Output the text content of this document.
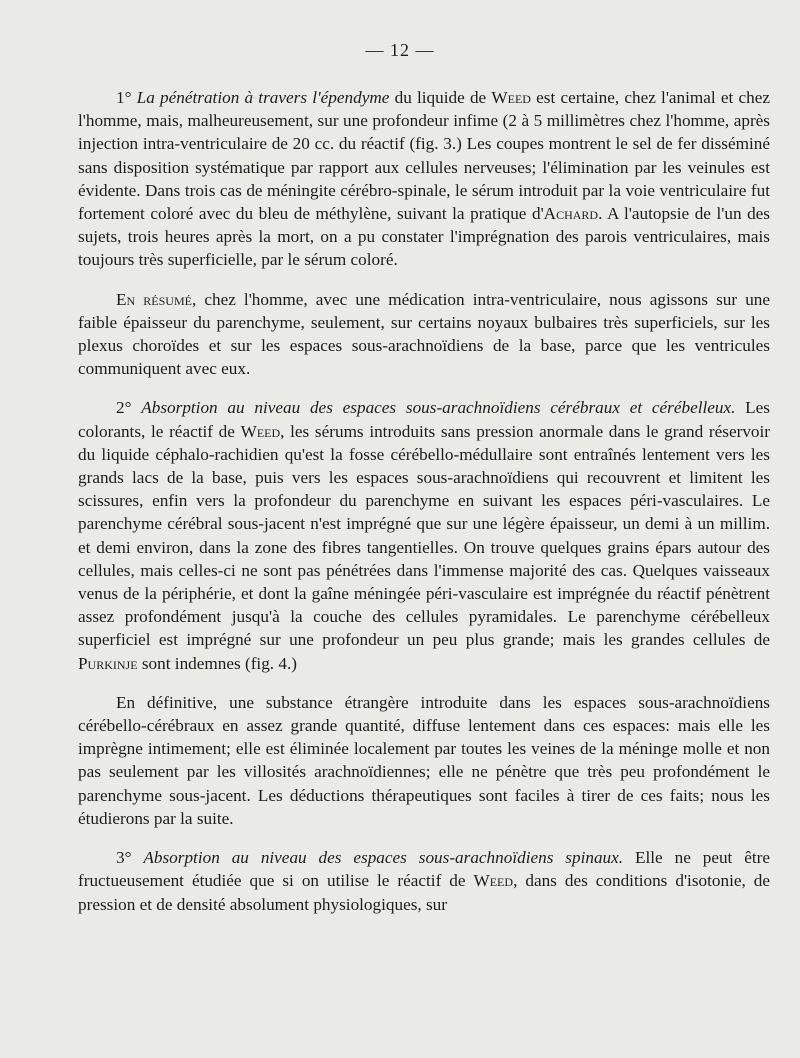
— 12 —

1° La pénétration à travers l'épendyme du liquide de Weed est certaine, chez l'animal et chez l'homme, mais, malheureusement, sur une profondeur infime (2 à 5 millimètres chez l'homme, après injection intra-ventriculaire de 20 cc. du réactif (fig. 3.) Les coupes montrent le sel de fer disséminé sans disposition systématique par rapport aux cellules nerveuses; l'élimination par les veinules est évidente. Dans trois cas de méningite cérébro-spinale, le sérum introduit par la voie ventriculaire fut fortement coloré avec du bleu de méthylène, suivant la pratique d'Achard. A l'autopsie de l'un des sujets, trois heures après la mort, on a pu constater l'imprégnation des parois ventriculaires, mais toujours très superficielle, par le sérum coloré.

En résumé, chez l'homme, avec une médication intra-ventriculaire, nous agissons sur une faible épaisseur du parenchyme, seulement, sur certains noyaux bulbaires très superficiels, sur les plexus choroïdes et sur les espaces sous-arachnoïdiens de la base, parce que les ventricules communiquent avec eux.

2° Absorption au niveau des espaces sous-arachnoïdiens cérébraux et cérébelleux. Les colorants, le réactif de Weed, les sérums introduits sans pression anormale dans le grand réservoir du liquide céphalo-rachidien qu'est la fosse cérébello-médullaire sont entraînés lentement vers les grands lacs de la base, puis vers les espaces sous-arachnoïdiens qui recouvrent et limitent les scissures, enfin vers la profondeur du parenchyme en suivant les espaces péri-vasculaires. Le parenchyme cérébral sous-jacent n'est imprégné que sur une légère épaisseur, un demi à un millim. et demi environ, dans la zone des fibres tangentielles. On trouve quelques grains épars autour des cellules, mais celles-ci ne sont pas pénétrées dans l'immense majorité des cas. Quelques vaisseaux venus de la périphérie, et dont la gaîne méningée péri-vasculaire est imprégnée du réactif pénètrent assez profondément jusqu'à la couche des cellules pyramidales. Le parenchyme cérébelleux superficiel est imprégné sur une profondeur un peu plus grande; mais les grandes cellules de Purkinje sont indemnes (fig. 4.)

En définitive, une substance étrangère introduite dans les espaces sous-arachnoïdiens cérébello-cérébraux en assez grande quantité, diffuse lentement dans ces espaces: mais elle les imprègne intimement; elle est éliminée localement par toutes les veines de la méninge molle et non pas seulement par les villosités arachnoïdiennes; elle ne pénètre que très peu profondément le parenchyme sous-jacent. Les déductions thérapeutiques sont faciles à tirer de ces faits; nous les étudierons par la suite.

3° Absorption au niveau des espaces sous-arachnoïdiens spinaux. Elle ne peut être fructueusement étudiée que si on utilise le réactif de Weed, dans des conditions d'isotonie, de pression et de densité absolument physiologiques, sur
